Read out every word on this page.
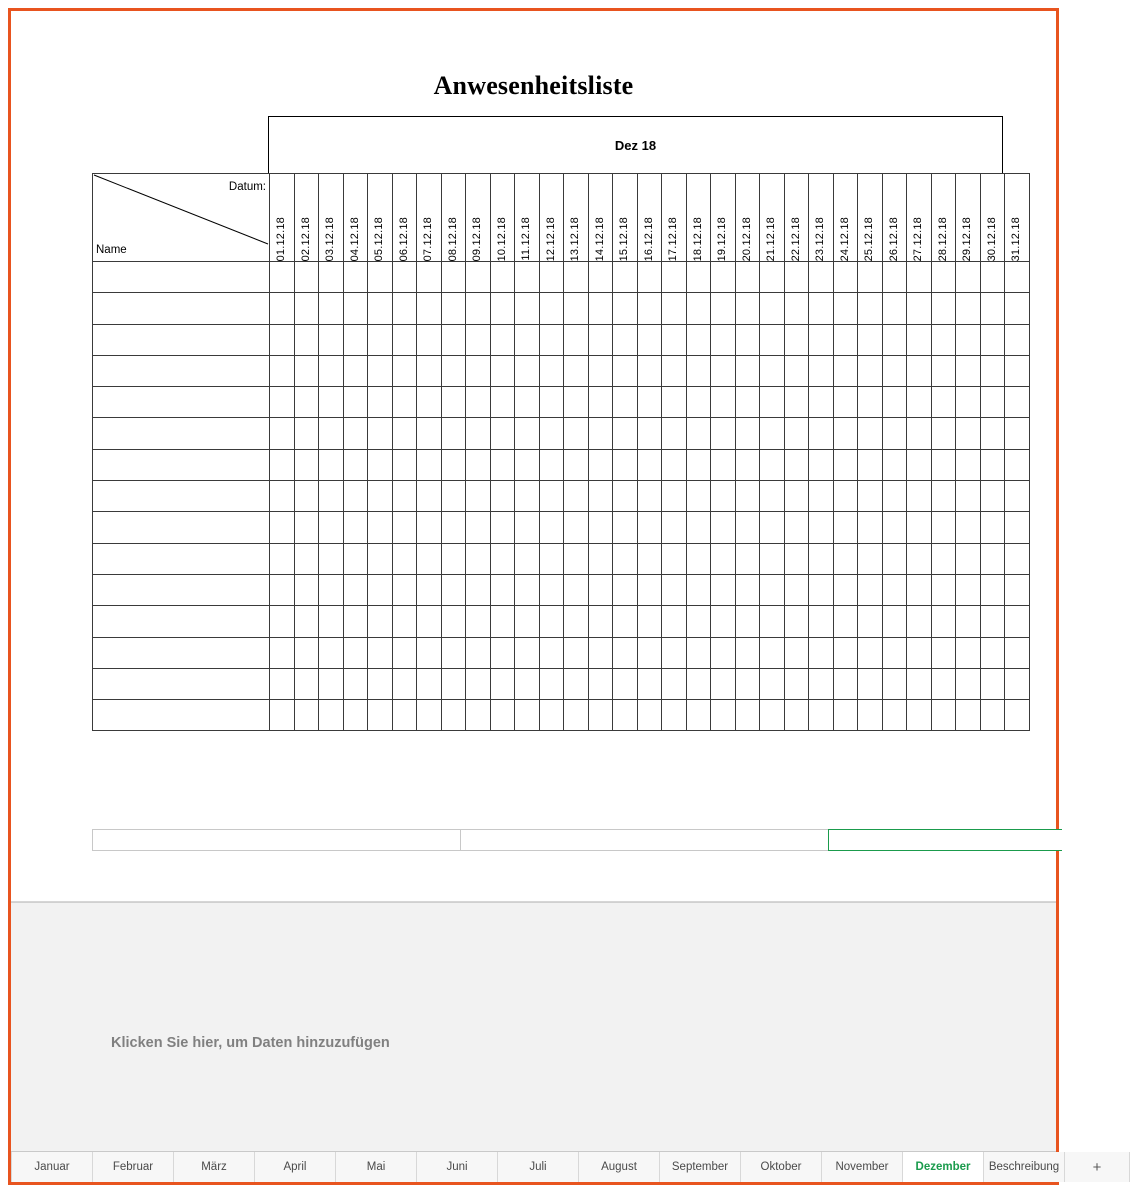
Anwesenheitsliste
Dez 18
Datum:
Name	01.12.18	02.12.18	03.12.18	04.12.18	05.12.18	06.12.18	07.12.18	08.12.18	09.12.18	10.12.18	11.12.18	12.12.18	13.12.18	14.12.18	15.12.18	16.12.18	17.12.18	18.12.18	19.12.18	20.12.18	21.12.18	22.12.18	23.12.18	24.12.18	25.12.18	26.12.18	27.12.18	28.12.18	29.12.18	30.12.18	31.12.18

Klicken Sie hier, um Daten hinzuzufügen
Januar	Februar	März	April	Mai	Juni	Juli	August	September	Oktober	November	Dezember	Beschreibung	+
